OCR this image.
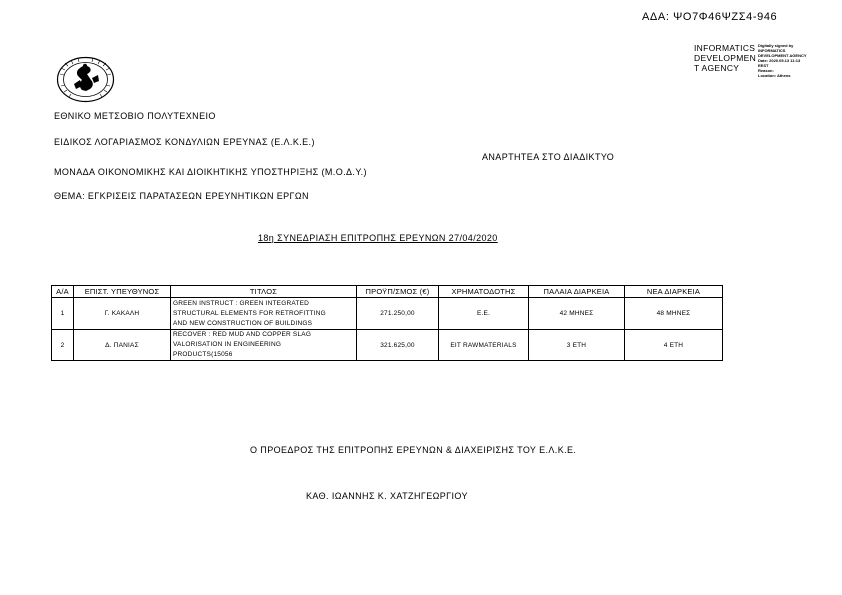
ΑΔΑ: ΨΟ7Φ46ΨΖΣ4-946
INFORMATICS
DEVELOPMEN
T AGENCY
Digitally signed by
INFORMATICS
DEVELOPMENT AGENCY
Date: 2020.05.13 11:13
EEST
Reason:
Location: Athens
ΕΘΝΙΚΟ ΜΕΤΣΟΒΙΟ ΠΟΛΥΤΕΧΝΕΙΟ
ΕΙΔΙΚΟΣ ΛΟΓΑΡΙΑΣΜΟΣ ΚΟΝΔΥΛΙΩΝ ΕΡΕΥΝΑΣ (Ε.Λ.Κ.Ε.)
ΑΝΑΡΤΗΤΕΑ ΣΤΟ ΔΙΑΔΙΚΤΥΟ
ΜΟΝΑΔΑ ΟΙΚΟΝΟΜΙΚΗΣ ΚΑΙ ΔΙΟΙΚΗΤΙΚΗΣ ΥΠΟΣΤΗΡΙΞΗΣ (Μ.Ο.Δ.Υ.)
ΘΕΜΑ: ΕΓΚΡΙΣΕΙΣ ΠΑΡΑΤΑΣΕΩΝ ΕΡΕΥΝΗΤΙΚΩΝ ΕΡΓΩΝ
18η ΣΥΝΕΔΡΙΑΣΗ ΕΠΙΤΡΟΠΗΣ ΕΡΕΥΝΩΝ 27/04/2020
Α/Α	ΕΠΙΣΤ. ΥΠΕΥΘΥΝΟΣ	ΤΙΤΛΟΣ	ΠΡΟΫΠ/ΣΜΟΣ (€)	ΧΡΗΜΑΤΟΔΟΤΗΣ	ΠΑΛΑΙΑ ΔΙΑΡΚΕΙΑ	ΝΕΑ ΔΙΑΡΚΕΙΑ
1	Γ. ΚΑΚΑΛΗ	GREEN INSTRUCT : GREEN INTEGRATED
STRUCTURAL ELEMENTS FOR RETROFITTING
AND NEW CONSTRUCTION OF BUILDINGS	271.250,00	Ε.Ε.	42 ΜΗΝΕΣ	48 ΜΗΝΕΣ
2	Δ. ΠΑΝΙΑΣ	RECOVER : RED MUD AND COPPER SLAG
VALORISATION IN ENGINEERING
PRODUCTS(15056	321.625,00	EIT RAWMATERIALS	3 ΕΤΗ	4 ΕΤΗ
Ο ΠΡΟΕΔΡΟΣ ΤΗΣ ΕΠΙΤΡΟΠΗΣ ΕΡΕΥΝΩΝ & ΔΙΑΧΕΙΡΙΣΗΣ ΤΟΥ Ε.Λ.Κ.Ε.
ΚΑΘ. ΙΩΑΝΝΗΣ Κ. ΧΑΤΖΗΓΕΩΡΓΙΟΥ
